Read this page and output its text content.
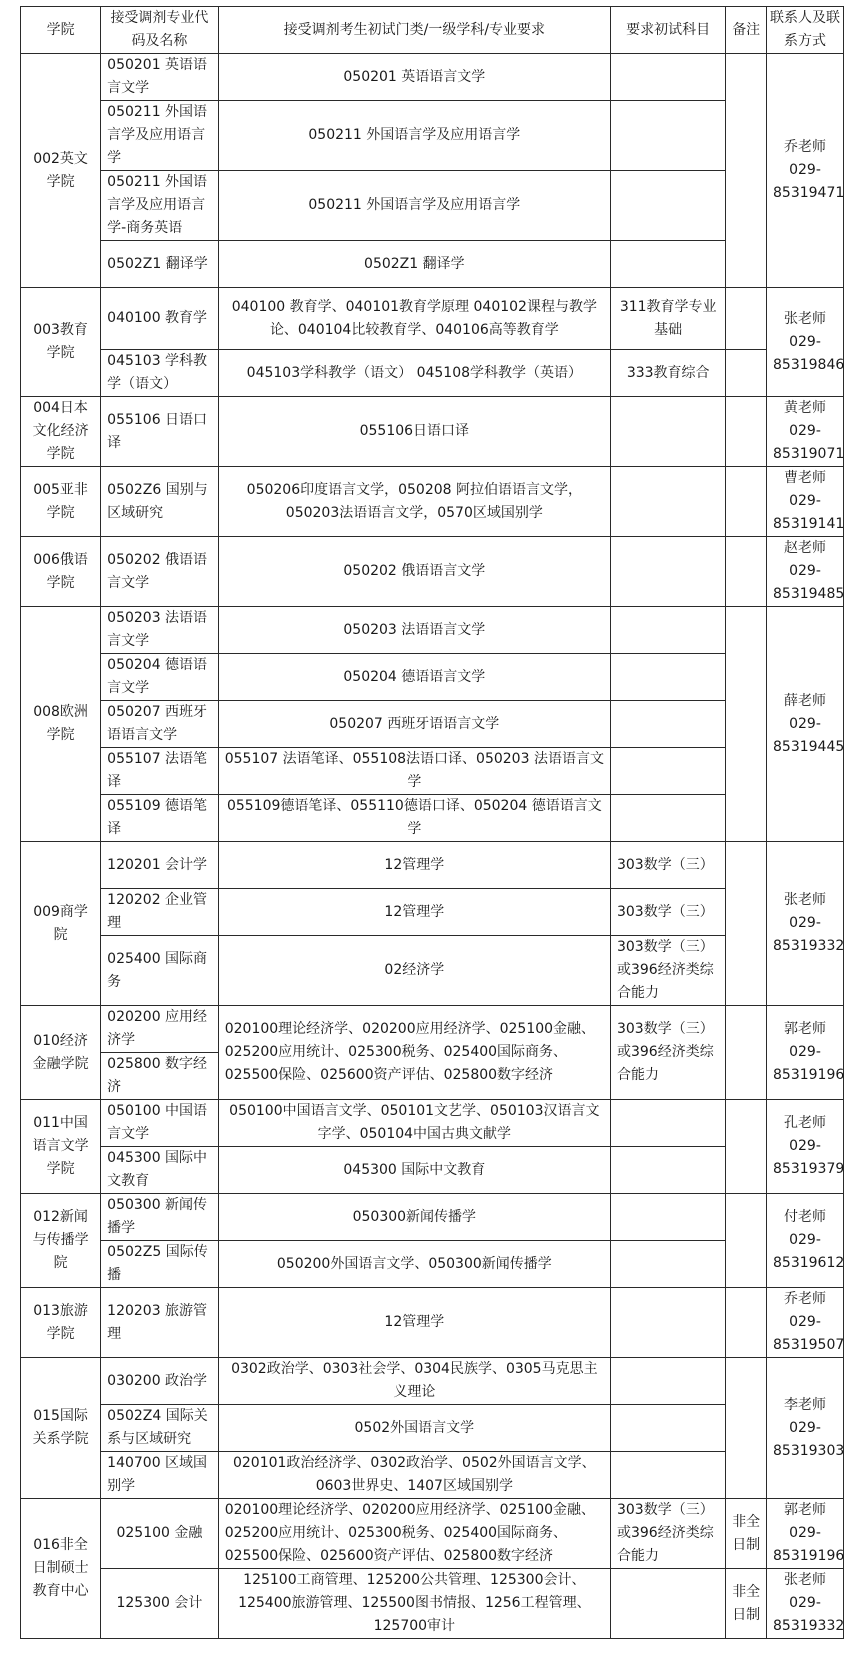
学院	接受调剂专业代码及名称	接受调剂考生初试门类/一级学科/专业要求	要求初试科目	备注	联系人及联系方式
002英文学院	050201 英语语言文学	050201 英语语言文学			乔老师
029-85319471
	050211 外国语言学及应用语言学	050211 外国语言学及应用语言学			
	050211 外国语言学及应用语言学-商务英语	050211 外国语言学及应用语言学			
	0502Z1 翻译学	0502Z1 翻译学			
003教育学院	040100 教育学	040100 教育学、040101教育学原理 040102课程与教学论、040104比较教育学、040106高等教育学	311教育学专业基础		张老师
029-85319846
	045103 学科教学（语文）	045103学科教学（语文） 045108学科教学（英语）	333教育综合		
004日本文化经济学院	055106 日语口译	055106日语口译			黄老师
029-85319071
005亚非学院	0502Z6 国别与区域研究	050206印度语言文学，050208 阿拉伯语语言文学，050203法语语言文学，0570区域国别学			曹老师
029-85319141
006俄语学院	050202 俄语语言文学	050202 俄语语言文学			赵老师
029-85319485
008欧洲学院	050203 法语语言文学	050203 法语语言文学			薛老师
029-85319445
	050204 德语语言文学	050204 德语语言文学			
	050207 西班牙语语言文学	050207 西班牙语语言文学			
	055107 法语笔译	055107 法语笔译、055108法语口译、050203 法语语言文学			
	055109 德语笔译	055109德语笔译、055110德语口译、050204 德语语言文学			
009商学院	120201 会计学	12管理学	303数学（三）		张老师
029-85319332
	120202 企业管理	12管理学	303数学（三）		
	025400 国际商务	02经济学	303数学（三）或396经济类综合能力		
010经济金融学院	020200 应用经济学	020100理论经济学、020200应用经济学、025100金融、025200应用统计、025300税务、025400国际商务、025500保险、025600资产评估、025800数字经济	303数学（三）或396经济类综合能力		郭老师
029-85319196
	025800 数字经济				
011中国语言文学学院	050100 中国语言文学	050100中国语言文学、050101文艺学、050103汉语言文字学、050104中国古典文献学			孔老师
029-85319379
	045300 国际中文教育	045300 国际中文教育			
012新闻与传播学院	050300 新闻传播学	050300新闻传播学			付老师
029-85319612
	0502Z5 国际传播	050200外国语言文学、050300新闻传播学			
013旅游学院	120203 旅游管理	12管理学			乔老师
029-85319507
015国际关系学院	030200 政治学	0302政治学、0303社会学、0304民族学、0305马克思主义理论			李老师
029-85319303
	0502Z4 国际关系与区域研究	0502外国语言文学			
	140700 区域国别学	020101政治经济学、0302政治学、0502外国语言文学、0603世界史、1407区域国别学			
016非全日制硕士教育中心	025100 金融	020100理论经济学、020200应用经济学、025100金融、025200应用统计、025300税务、025400国际商务、025500保险、025600资产评估、025800数字经济	303数学（三）或396经济类综合能力	非全日制	郭老师
029-85319196
	125300 会计	125100工商管理、125200公共管理、125300会计、125400旅游管理、125500图书情报、1256工程管理、125700审计		非全日制	张老师
029-85319332
